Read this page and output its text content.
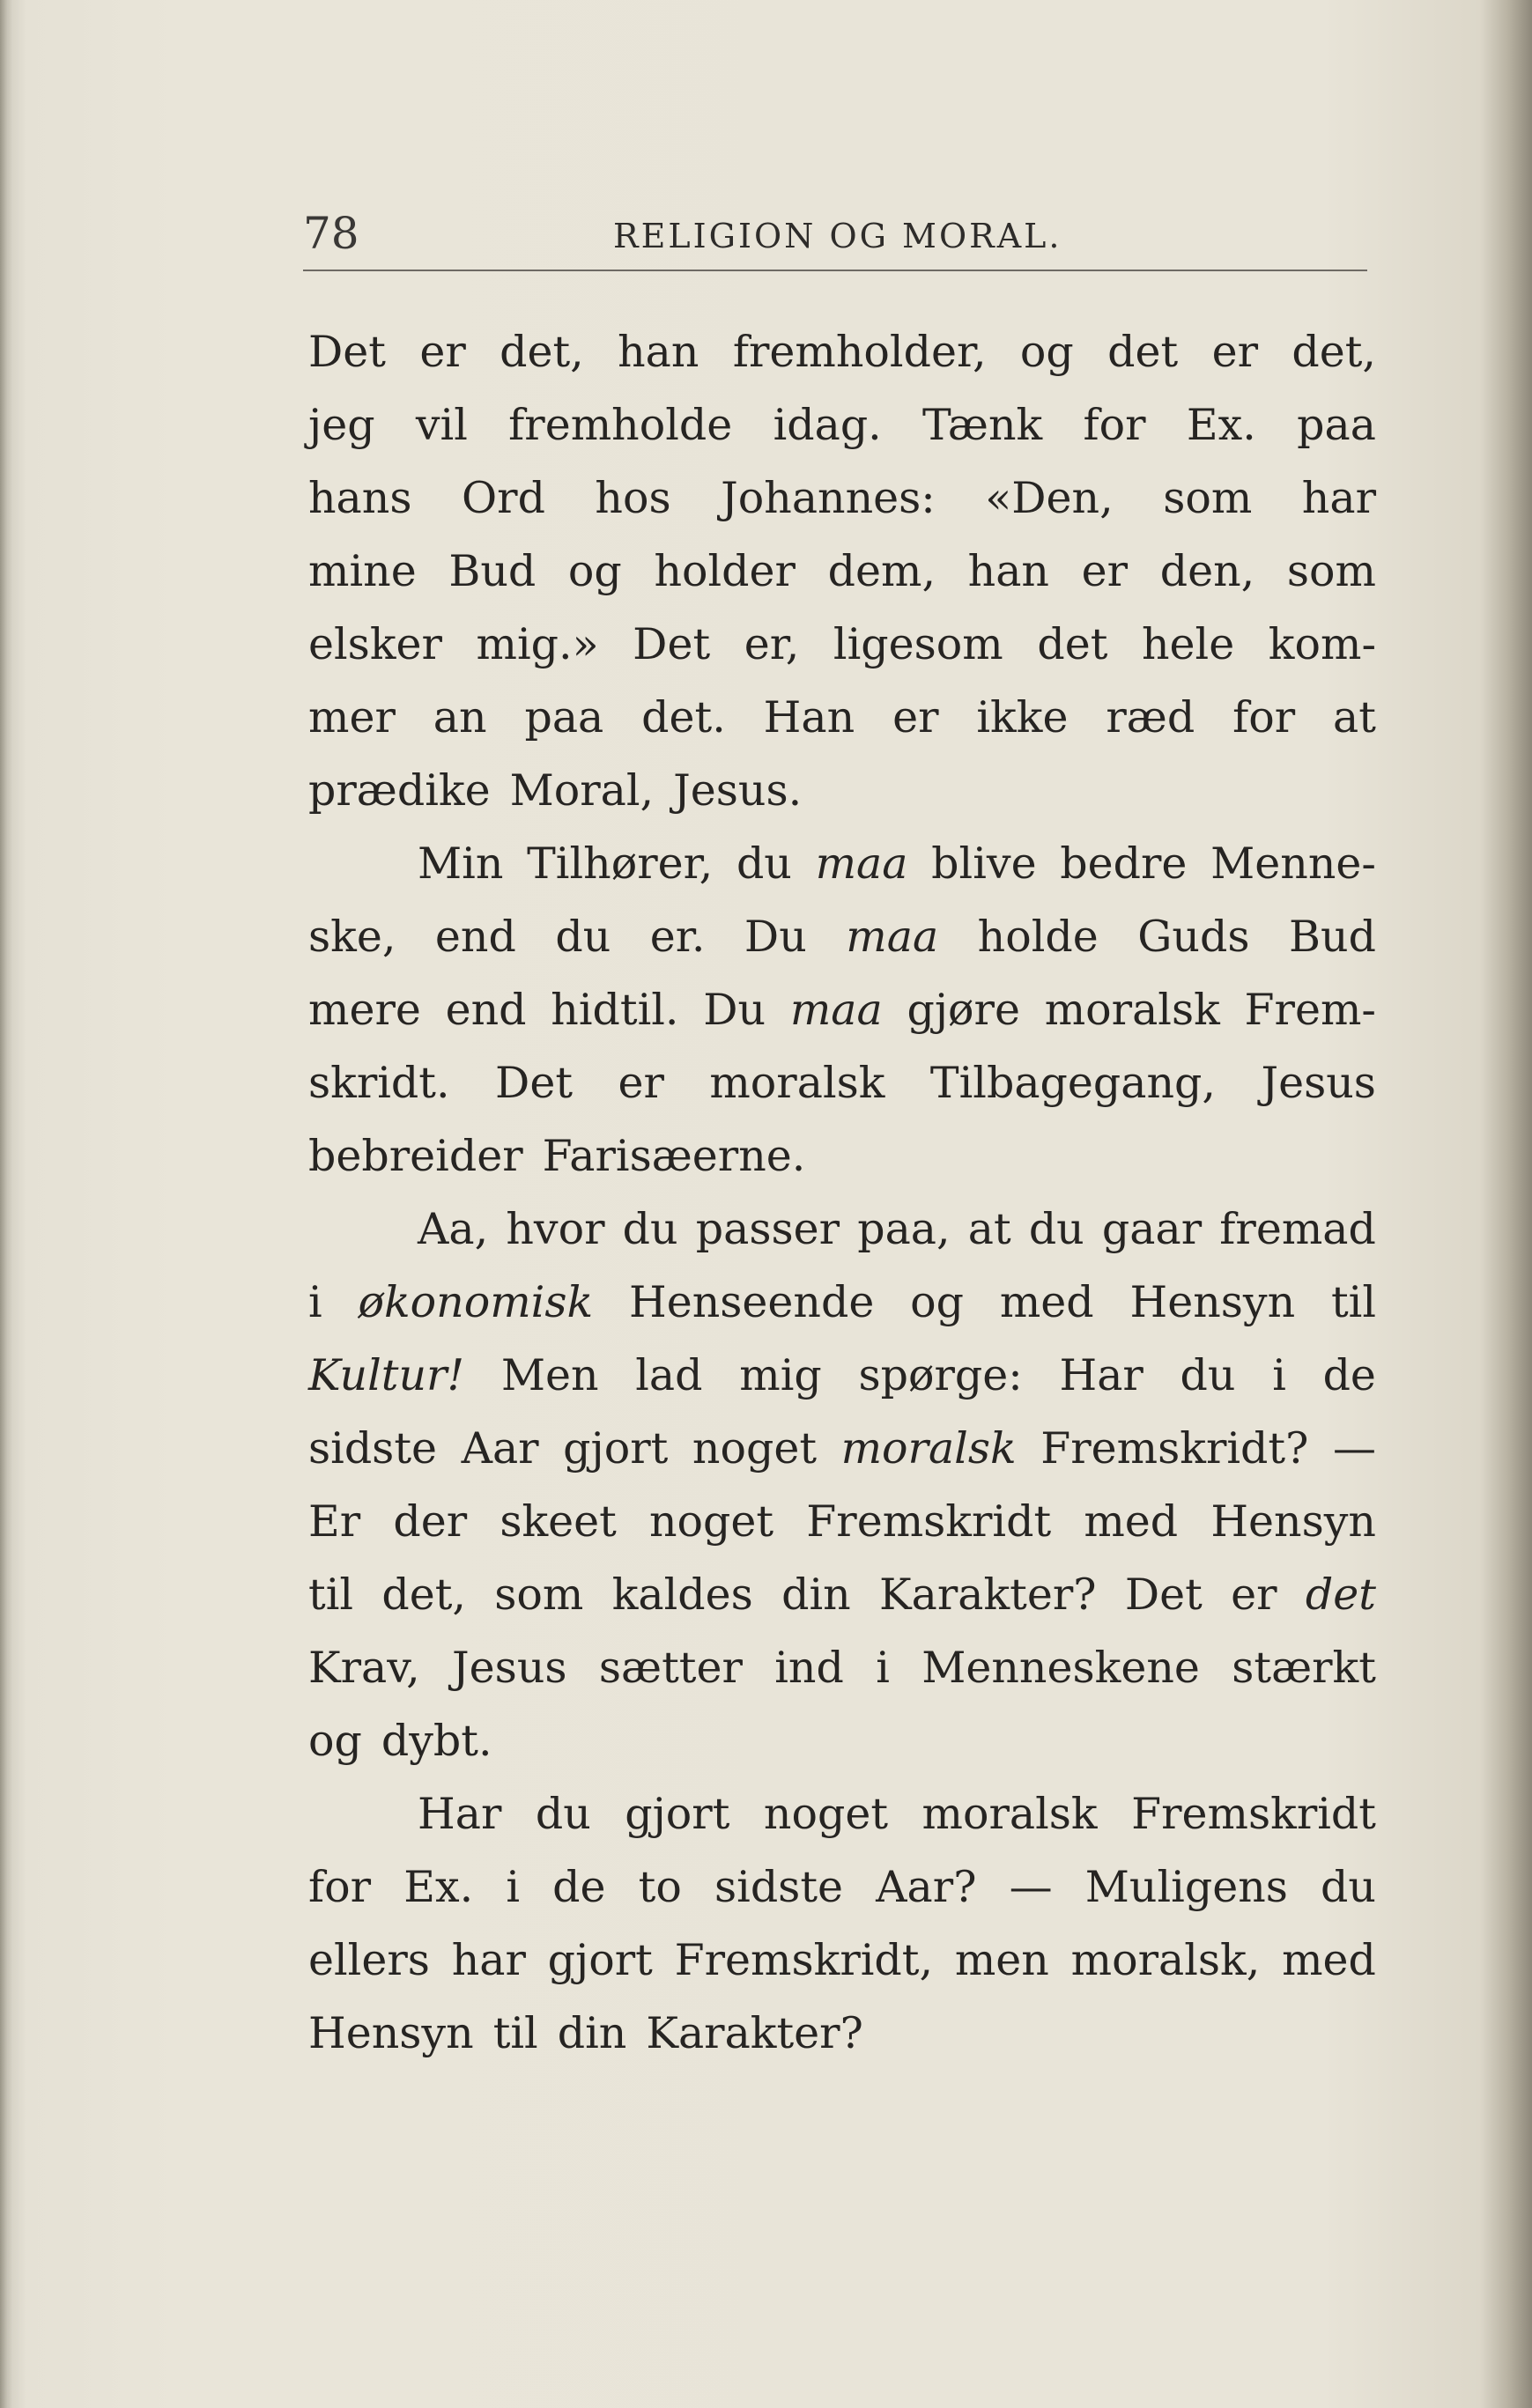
78	RELIGION OG MORAL.
Det er det, han fremholder, og det er det,
jeg vil fremholde idag. Tænk for Ex. paa
hans Ord hos Johannes: «Den, som har
mine Bud og holder dem, han er den, som
elsker mig.» Det er, ligesom det hele kom-
mer an paa det. Han er ikke ræd for at
prædike Moral, Jesus.
Min Tilhører, du maa blive bedre Menne-
ske, end du er. Du maa holde Guds Bud
mere end hidtil. Du maa gjøre moralsk Frem-
skridt. Det er moralsk Tilbagegang, Jesus
bebreider Farisæerne.
Aa, hvor du passer paa, at du gaar fremad
i økonomisk Henseende og med Hensyn til
Kultur! Men lad mig spørge: Har du i de
sidste Aar gjort noget moralsk Fremskridt? —
Er der skeet noget Fremskridt med Hensyn
til det, som kaldes din Karakter? Det er det
Krav, Jesus sætter ind i Menneskene stærkt
og dybt.
Har du gjort noget moralsk Fremskridt
for Ex. i de to sidste Aar? — Muligens du
ellers har gjort Fremskridt, men moralsk, med
Hensyn til din Karakter?
